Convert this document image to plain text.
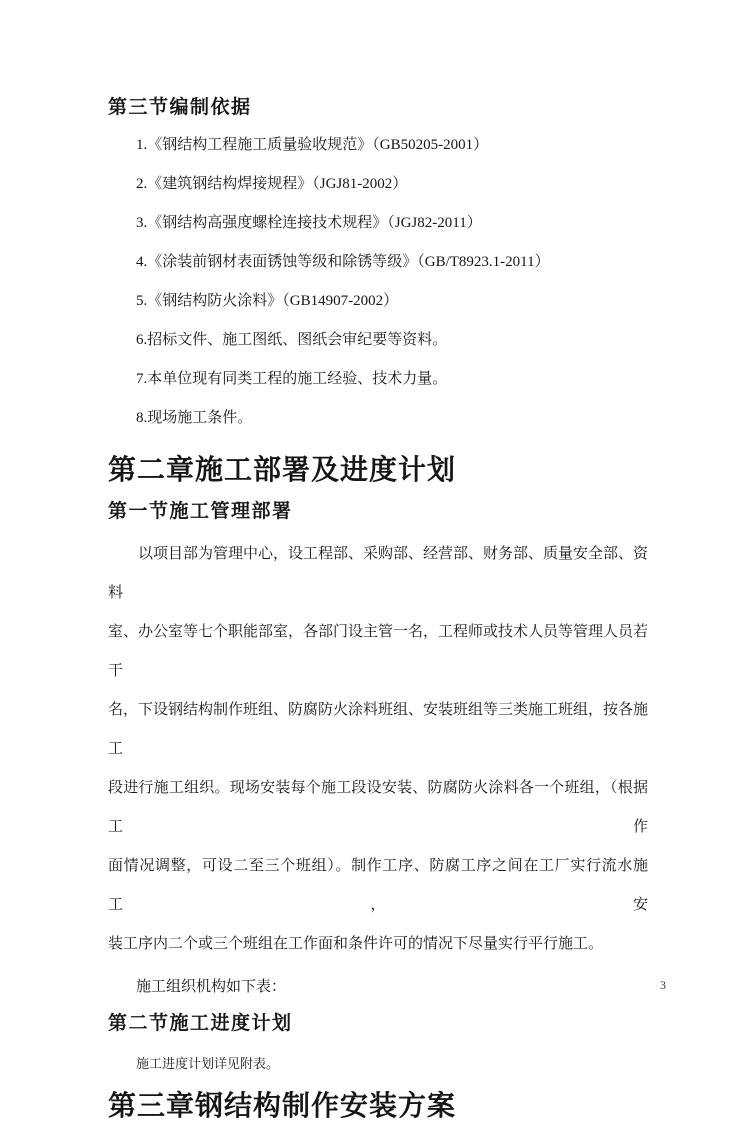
第三节编制依据
1.《钢结构工程施工质量验收规范》（GB50205-2001）
2.《建筑钢结构焊接规程》（JGJ81-2002）
3.《钢结构高强度螺栓连接技术规程》（JGJ82-2011）
4.《涂装前钢材表面锈蚀等级和除锈等级》（GB/T8923.1-2011）
5.《钢结构防火涂料》（GB14907-2002）
6.招标文件、施工图纸、图纸会审纪要等资料。
7.本单位现有同类工程的施工经验、技术力量。
8.现场施工条件。
第二章施工部署及进度计划
第一节施工管理部署
以项目部为管理中心，设工程部、采购部、经营部、财务部、质量安全部、资料
室、办公室等七个职能部室，各部门设主管一名，工程师或技术人员等管理人员若干
名，下设钢结构制作班组、防腐防火涂料班组、安装班组等三类施工班组，按各施工
段进行施工组织。现场安装每个施工段设安装、防腐防火涂料各一个班组，（根据工作
面情况调整，可设二至三个班组）。制作工序、防腐工序之间在工厂实行流水施工，安
装工序内二个或三个班组在工作面和条件许可的情况下尽量实行平行施工。
施工组织机构如下表：
第二节施工进度计划
施工进度计划详见附表。
第三章钢结构制作安装方案
3
